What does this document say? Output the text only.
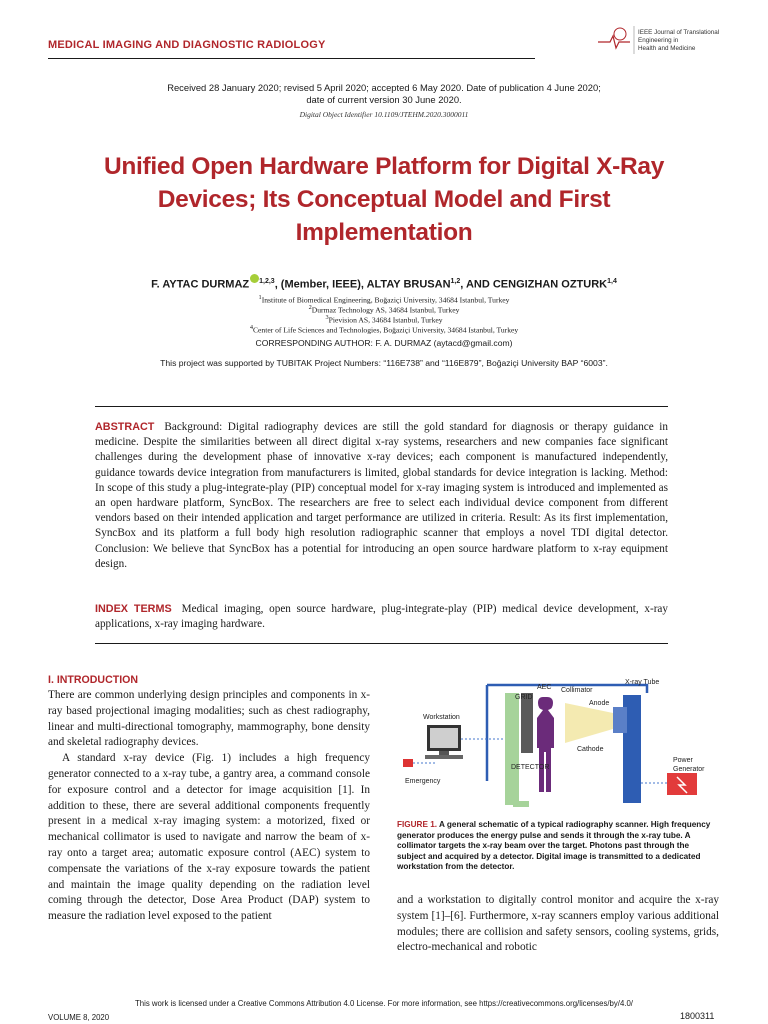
MEDICAL IMAGING AND DIAGNOSTIC RADIOLOGY
IEEE Journal of Translational
Engineering in
Health and Medicine
Received 28 January 2020; revised 5 April 2020; accepted 6 May 2020. Date of publication 4 June 2020;
date of current version 30 June 2020.
Digital Object Identifier 10.1109/JTEHM.2020.3000011
Unified Open Hardware Platform for Digital X-Ray Devices; Its Conceptual Model and First Implementation
F. AYTAC DURMAZ $^{1,2,3}$, (Member, IEEE), ALTAY BRUSAN$^{1,2}$, AND CENGIZHAN OZTURK$^{1,4}$
$^1$Institute of Biomedical Engineering, Boğaziçi University, 34684 Istanbul, Turkey
$^2$Durmaz Technology AS, 34684 Istanbul, Turkey
$^3$Pievision AS, 34684 Istanbul, Turkey
$^4$Center of Life Sciences and Technologies, Boğaziçi University, 34684 Istanbul, Turkey
CORRESPONDING AUTHOR: F. A. DURMAZ (aytacd@gmail.com)
This project was supported by TUBITAK Project Numbers: “116E738” and “116E879”, Boğaziçi University BAP “6003”.
ABSTRACT Background: Digital radiography devices are still the gold standard for diagnosis or therapy guidance in medicine. Despite the similarities between all direct digital x-ray systems, researchers and new companies face significant challenges during the development phase of innovative x-ray devices; each component is manufactured independently, guidance towards device integration from manufacturers is limited, global standards for device integration is lacking. Method: In scope of this study a plug-integrate-play (PIP) conceptual model for x-ray imaging system is introduced and implemented as an open hardware platform, SyncBox. The researchers are free to select each individual device component from different vendors based on their intended application and target performance are utilized in criteria. Result: As its first implementation, SyncBox and its platform a full body high resolution radiographic scanner that employs a novel TDI digital detector. Conclusion: We believe that SyncBox has a potential for introducing an open source hardware platform to x-ray equipment design.
INDEX TERMS Medical imaging, open source hardware, plug-integrate-play (PIP) medical device development, x-ray applications, x-ray imaging hardware.
I. INTRODUCTION

There are common underlying design principles and components in x-ray based projectional imaging modalities; such as chest radiography, linear and multi-directional tomography, mammography, bone density and skeletal radiography devices.

A standard x-ray device (Fig. 1) includes a high frequency generator connected to a x-ray tube, a gantry area, a command console for exposure control and a detector for image acquisition [1]. In addition to these, there are several additional components frequently present in a medical x-ray imaging system: a motorized, fixed or mechanical collimator is used to navigate and narrow the beam of x-ray onto a target area; automatic exposure control (AEC) system to compensate the variations of the x-ray exposure towards the patient and maintain the image quality depending on the radiation level coming through the detector, Dose Area Product (DAP) system to measure the radiation level exposed to the patient

AEC Collimator
X-ray Tube
GRID
Anode
Workstation
Cathode
DETECTOR
Power
Generator
Emergency
FIGURE 1. A general schematic of a typical radiography scanner. High frequency generator produces the energy pulse and sends it through the x-ray tube. A collimator targets the x-ray beam over the target. Photons past through the subject and acquired by a detector. Digital image is transmitted to a dedicated workstation from the detector.
and a workstation to digitally control monitor and acquire the x-ray system [1]–[6]. Furthermore, x-ray scanners employ various additional modules; there are collision and safety sensors, cooling systems, grids, electro-mechanical and robotic
This work is licensed under a Creative Commons Attribution 4.0 License. For more information, see https://creativecommons.org/licenses/by/4.0/
VOLUME 8, 2020	1800311
